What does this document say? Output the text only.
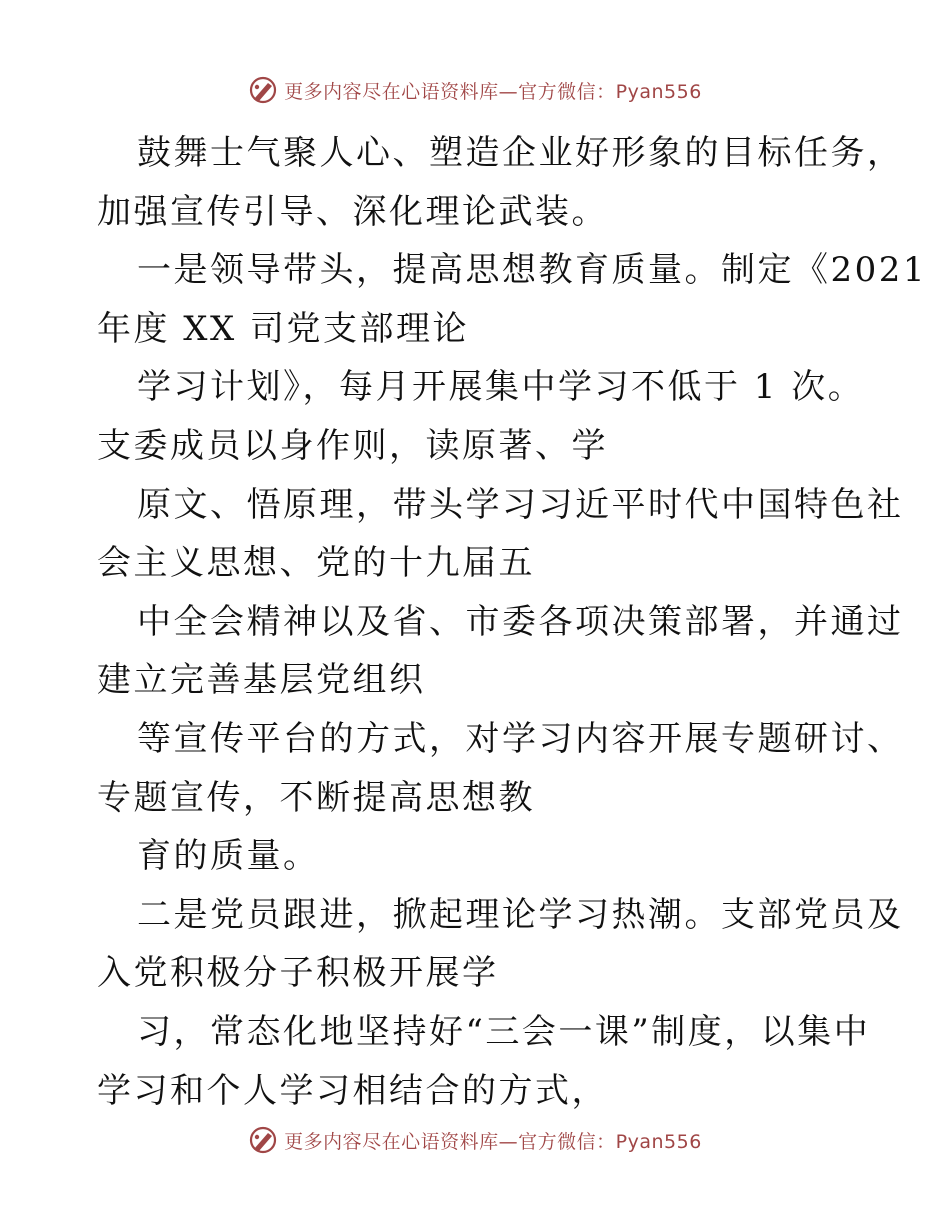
更多内容尽在心语资料库—官方微信：Pyan556
鼓舞士气聚人心、塑造企业好形象的目标任务，
加强宣传引导、深化理论武装。
一是领导带头，提高思想教育质量。制定《2021
年度 XX 司党支部理论
学习计划》，每月开展集中学习不低于 1 次。
支委成员以身作则，读原著、学
原文、悟原理，带头学习习近平时代中国特色社
会主义思想、党的十九届五
中全会精神以及省、市委各项决策部署，并通过
建立完善基层党组织
等宣传平台的方式，对学习内容开展专题研讨、
专题宣传，不断提高思想教
育的质量。
二是党员跟进，掀起理论学习热潮。支部党员及
入党积极分子积极开展学
习，常态化地坚持好“三会一课”制度，以集中
学习和个人学习相结合的方式，
更多内容尽在心语资料库—官方微信：Pyan556
